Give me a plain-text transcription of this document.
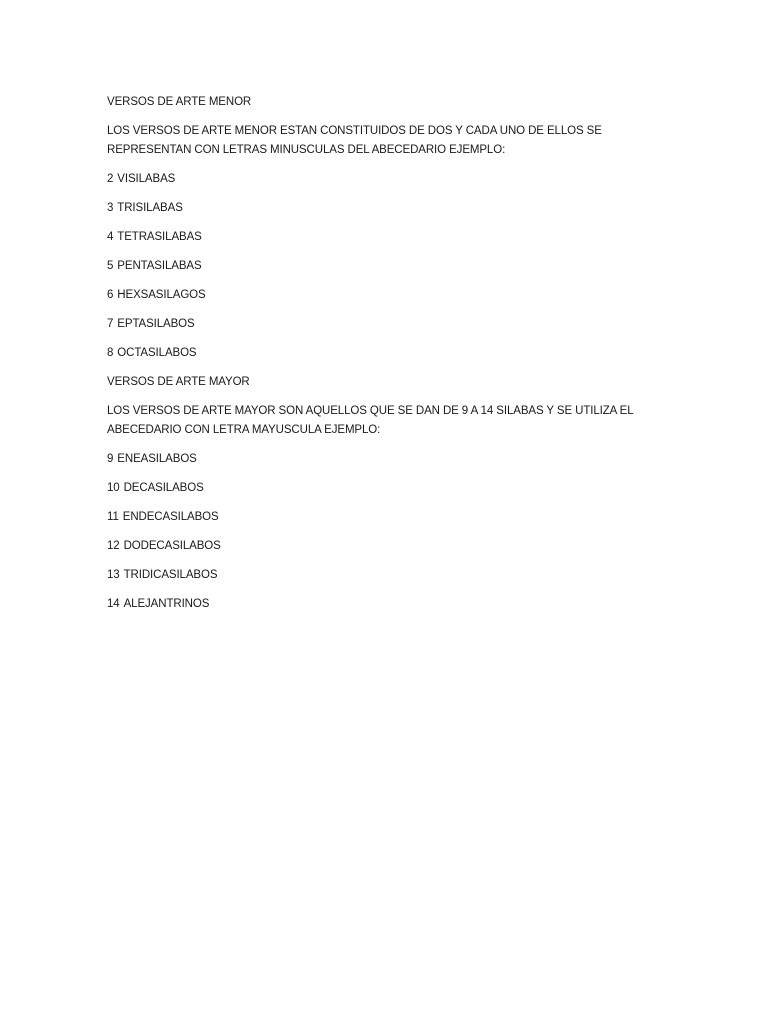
VERSOS DE ARTE MENOR

LOS VERSOS DE ARTE MENOR ESTAN CONSTITUIDOS DE DOS Y CADA UNO DE ELLOS SE REPRESENTAN CON LETRAS MINUSCULAS DEL ABECEDARIO EJEMPLO:

2 VISILABAS

3 TRISILABAS

4 TETRASILABAS

5 PENTASILABAS

6 HEXSASILAGOS

7 EPTASILABOS

8 OCTASILABOS

VERSOS DE ARTE MAYOR

LOS VERSOS DE ARTE MAYOR SON AQUELLOS QUE SE DAN DE 9 A 14 SILABAS Y SE UTILIZA EL ABECEDARIO CON LETRA MAYUSCULA EJEMPLO:

9 ENEASILABOS

10 DECASILABOS

11 ENDECASILABOS

12 DODECASILABOS

13 TRIDICASILABOS

14 ALEJANTRINOS
